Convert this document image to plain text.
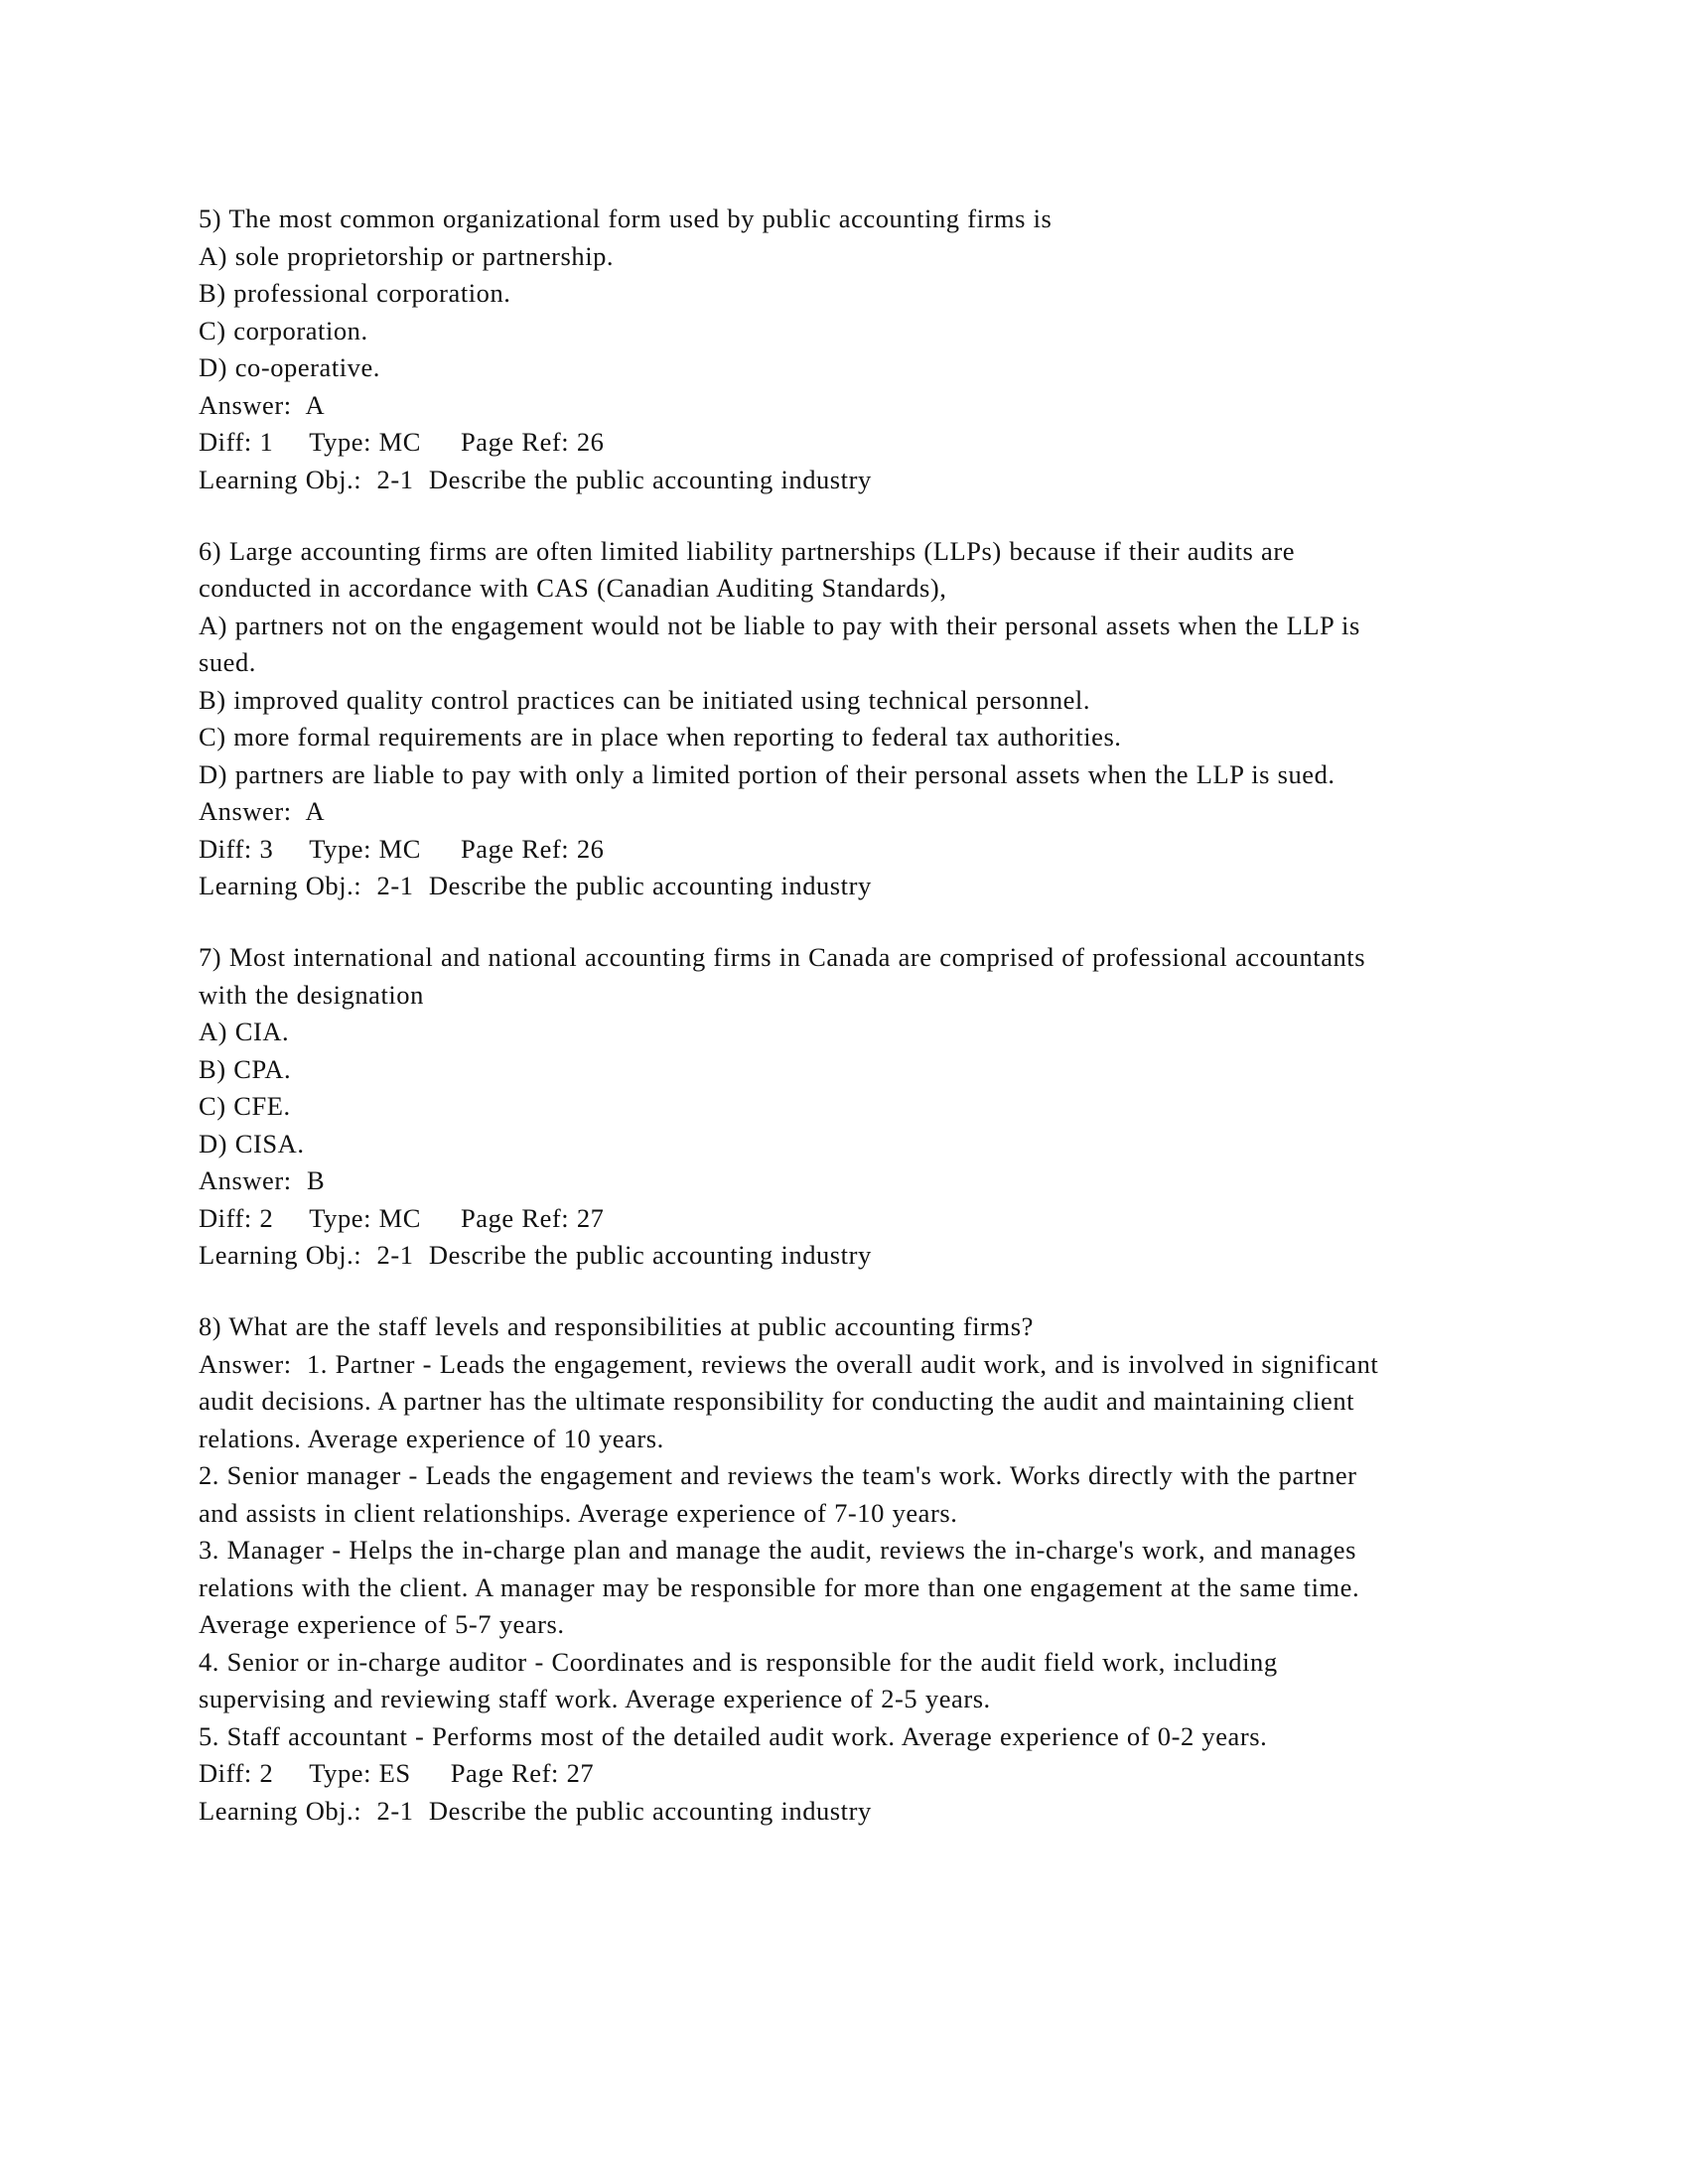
5) The most common organizational form used by public accounting firms is
A) sole proprietorship or partnership.
B) professional corporation.
C) corporation.
D) co-operative.
Answer:  A
Diff: 1 Type: MC Page Ref: 26
Learning Obj.:  2-1  Describe the public accounting industry
6) Large accounting firms are often limited liability partnerships (LLPs) because if their audits are
conducted in accordance with CAS (Canadian Auditing Standards),
A) partners not on the engagement would not be liable to pay with their personal assets when the LLP is
sued.
B) improved quality control practices can be initiated using technical personnel.
C) more formal requirements are in place when reporting to federal tax authorities.
D) partners are liable to pay with only a limited portion of their personal assets when the LLP is sued.
Answer:  A
Diff: 3 Type: MC Page Ref: 26
Learning Obj.:  2-1  Describe the public accounting industry
7) Most international and national accounting firms in Canada are comprised of professional accountants
with the designation
A) CIA.
B) CPA.
C) CFE.
D) CISA.
Answer:  B
Diff: 2 Type: MC Page Ref: 27
Learning Obj.:  2-1  Describe the public accounting industry
8) What are the staff levels and responsibilities at public accounting firms?
Answer:  1. Partner - Leads the engagement, reviews the overall audit work, and is involved in significant
audit decisions. A partner has the ultimate responsibility for conducting the audit and maintaining client
relations. Average experience of 10 years.
2. Senior manager - Leads the engagement and reviews the team's work. Works directly with the partner
and assists in client relationships. Average experience of 7-10 years.
3. Manager - Helps the in-charge plan and manage the audit, reviews the in-charge's work, and manages
relations with the client. A manager may be responsible for more than one engagement at the same time.
Average experience of 5-7 years.
4. Senior or in-charge auditor - Coordinates and is responsible for the audit field work, including
supervising and reviewing staff work. Average experience of 2-5 years.
5. Staff accountant - Performs most of the detailed audit work. Average experience of 0-2 years.
Diff: 2 Type: ES Page Ref: 27
Learning Obj.:  2-1  Describe the public accounting industry
